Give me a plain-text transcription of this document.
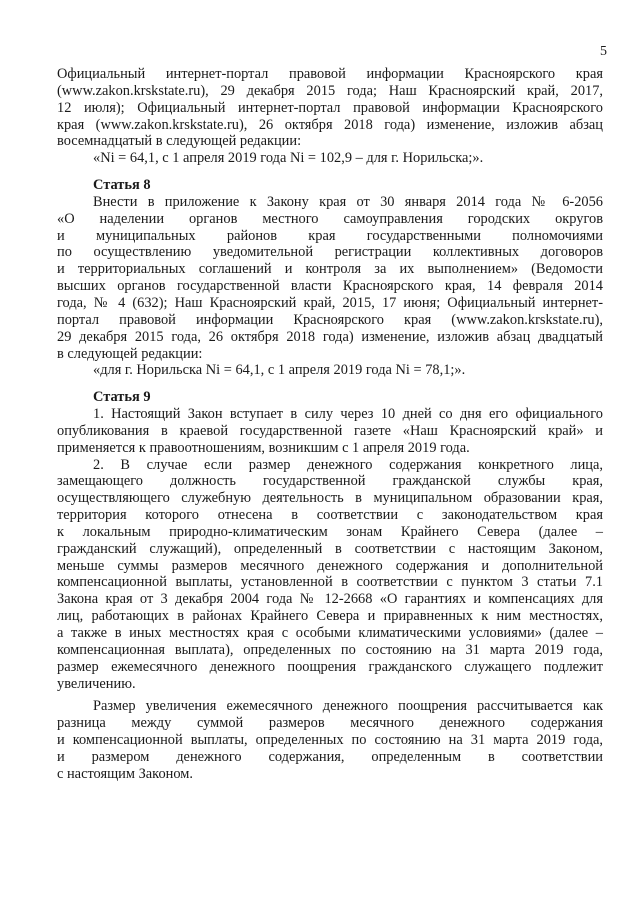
5
Официальный интернет-портал правовой информации Красноярского края
(www.zakon.krskstate.ru), 29 декабря 2015 года; Наш Красноярский край, 2017,
12 июля); Официальный интернет-портал правовой информации Красноярского
края (www.zakon.krskstate.ru), 26 октября 2018 года) изменение, изложив абзац
восемнадцатый в следующей редакции:
«Ni = 64,1, с 1 апреля 2019 года Ni = 102,9 – для г. Норильска;».
Статья 8
Внести в приложение к Закону края от 30 января 2014 года № 6-2056
«О наделении органов местного самоуправления городских округов
и муниципальных районов края государственными полномочиями
по осуществлению уведомительной регистрации коллективных договоров
и территориальных соглашений и контроля за их выполнением» (Ведомости
высших органов государственной власти Красноярского края, 14 февраля 2014
года, № 4 (632); Наш Красноярский край, 2015, 17 июня; Официальный интернет-
портал правовой информации Красноярского края (www.zakon.krskstate.ru),
29 декабря 2015 года, 26 октября 2018 года) изменение, изложив абзац двадцатый
в следующей редакции:
«для г. Норильска Ni = 64,1, с 1 апреля 2019 года Ni = 78,1;».
Статья 9
1. Настоящий Закон вступает в силу через 10 дней со дня его официального
опубликования в краевой государственной газете «Наш Красноярский край» и
применяется к правоотношениям, возникшим с 1 апреля 2019 года.
2. В случае если размер денежного содержания конкретного лица,
замещающего должность государственной гражданской службы края,
осуществляющего служебную деятельность в муниципальном образовании края,
территория которого отнесена в соответствии с законодательством края
к локальным природно-климатическим зонам Крайнего Севера (далее –
гражданский служащий), определенный в соответствии с настоящим Законом,
меньше суммы размеров месячного денежного содержания и дополнительной
компенсационной выплаты, установленной в соответствии с пунктом 3 статьи 7.1
Закона края от 3 декабря 2004 года № 12-2668 «О гарантиях и компенсациях для
лиц, работающих в районах Крайнего Севера и приравненных к ним местностях,
а также в иных местностях края с особыми климатическими условиями» (далее –
компенсационная выплата), определенных по состоянию на 31 марта 2019 года,
размер ежемесячного денежного поощрения гражданского служащего подлежит
увеличению.
Размер увеличения ежемесячного денежного поощрения рассчитывается как
разница между суммой размеров месячного денежного содержания
и компенсационной выплаты, определенных по состоянию на 31 марта 2019 года,
и размером денежного содержания, определенным в соответствии
с настоящим Законом.
